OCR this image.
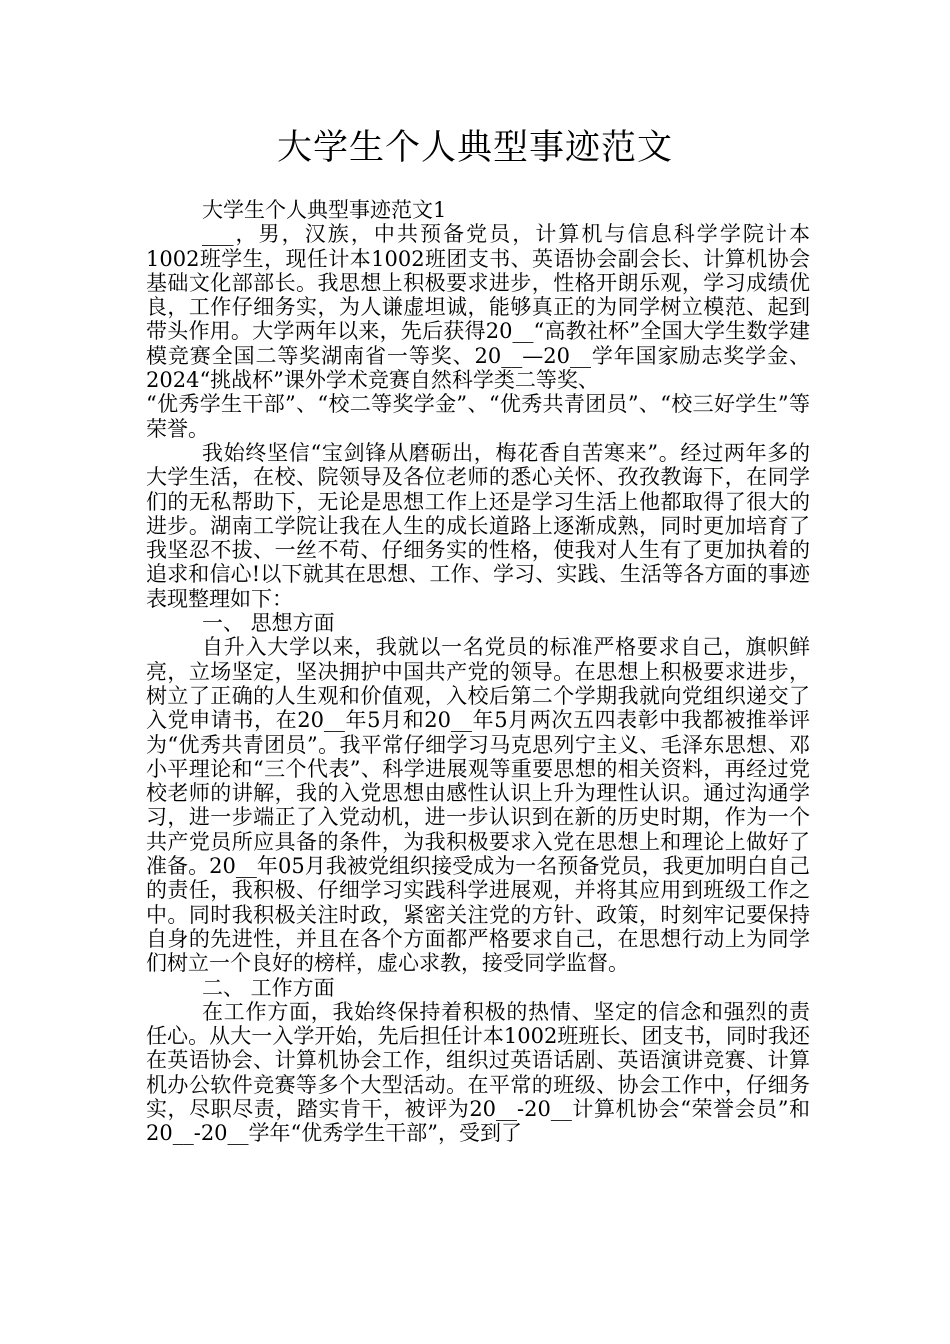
大学生个人典型事迹范文

大学生个人典型事迹范文1

___，男，汉族，中共预备党员，计算机与信息科学学院计本1002班学生，现任计本1002班团支书、英语协会副会长、计算机协会基础文化部部长。我思想上积极要求进步，性格开朗乐观，学习成绩优良，工作仔细务实，为人谦虚坦诚，能够真正的为同学树立模范、起到带头作用。大学两年以来，先后获得20__“高教社杯”全国大学生数学建模竞赛全国二等奖湖南省一等奖、20__—20__学年国家励志奖学金、2024“挑战杯”课外学术竞赛自然科学类二等奖、

“优秀学生干部”、“校二等奖学金”、“优秀共青团员”、“校三好学生”等荣誉。

我始终坚信“宝剑锋从磨砺出，梅花香自苦寒来”。经过两年多的大学生活，在校、院领导及各位老师的悉心关怀、孜孜教诲下，在同学们的无私帮助下，无论是思想工作上还是学习生活上他都取得了很大的进步。湖南工学院让我在人生的成长道路上逐渐成熟，同时更加培育了我坚忍不拔、一丝不苟、仔细务实的性格，使我对人生有了更加执着的追求和信心!以下就其在思想、工作、学习、实践、生活等各方面的事迹表现整理如下：

一、 思想方面

自升入大学以来，我就以一名党员的标准严格要求自己，旗帜鲜亮，立场坚定，坚决拥护中国共产党的领导。在思想上积极要求进步，树立了正确的人生观和价值观，入校后第二个学期我就向党组织递交了入党申请书，在20__年5月和20__年5月两次五四表彰中我都被推举评为“优秀共青团员”。我平常仔细学习马克思列宁主义、毛泽东思想、邓小平理论和“三个代表”、科学进展观等重要思想的相关资料，再经过党校老师的讲解，我的入党思想由感性认识上升为理性认识。通过沟通学习，进一步端正了入党动机，进一步认识到在新的历史时期，作为一个共产党员所应具备的条件，为我积极要求入党在思想上和理论上做好了准备。20__年05月我被党组织接受成为一名预备党员，我更加明白自己的责任，我积极、仔细学习实践科学进展观，并将其应用到班级工作之中。同时我积极关注时政，紧密关注党的方针、政策，时刻牢记要保持自身的先进性，并且在各个方面都严格要求自己，在思想行动上为同学们树立一个良好的榜样，虚心求教，接受同学监督。

二、 工作方面

在工作方面，我始终保持着积极的热情、坚定的信念和强烈的责任心。从大一入学开始，先后担任计本1002班班长、团支书，同时我还在英语协会、计算机协会工作，组织过英语话剧、英语演讲竞赛、计算机办公软件竞赛等多个大型活动。在平常的班级、协会工作中，仔细务实，尽职尽责，踏实肯干，被评为20__-20__计算机协会“荣誉会员”和20__-20__学年“优秀学生干部”，受到了
